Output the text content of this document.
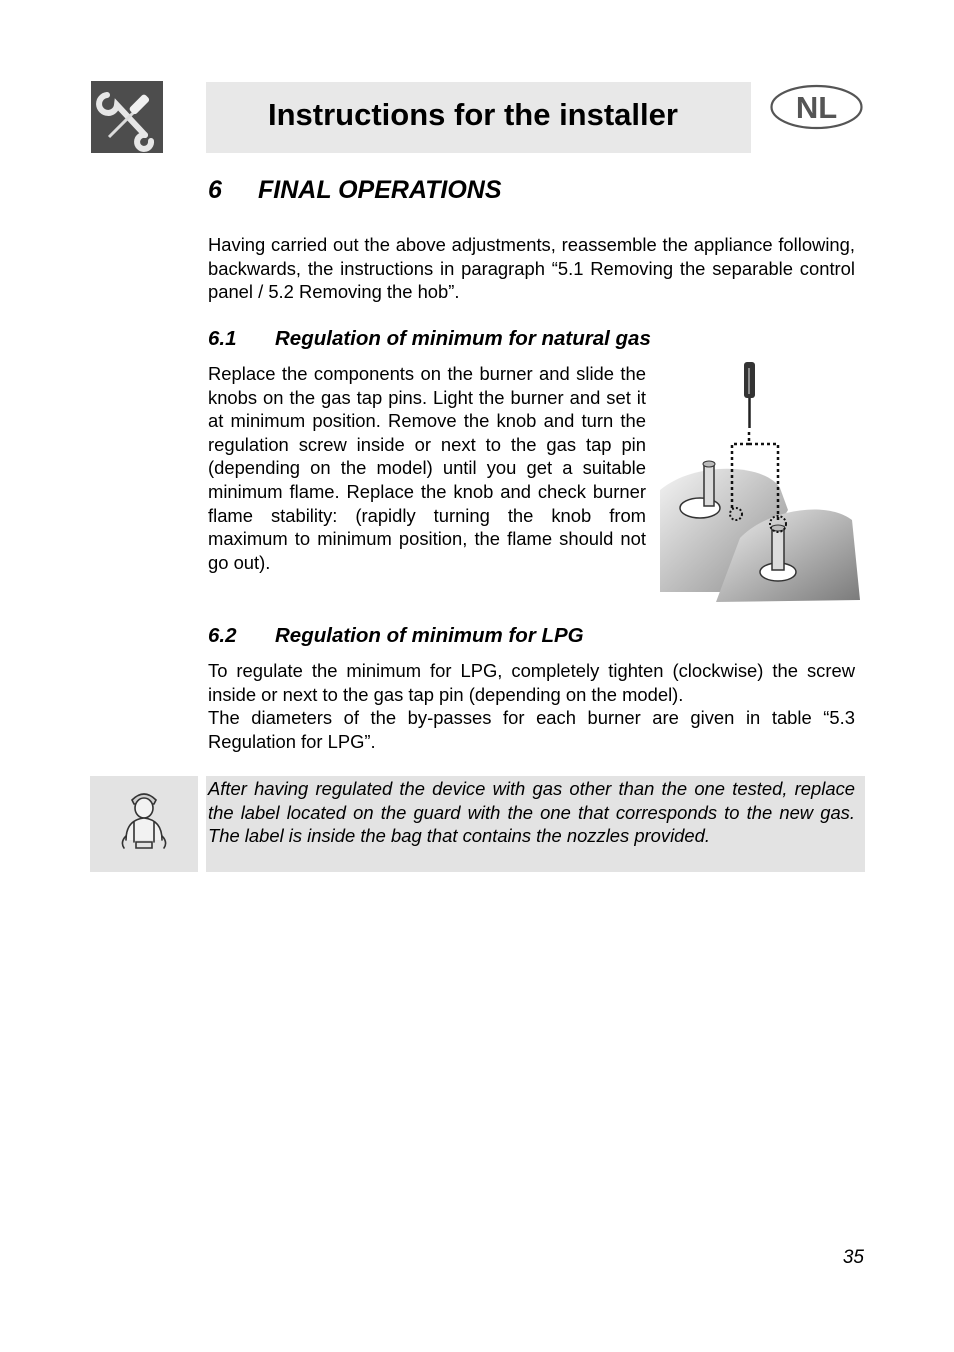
Instructions for the installer	NL
6 FINAL OPERATIONS
Having carried out the above adjustments, reassemble the appliance following, backwards, the instructions in paragraph “5.1 Removing the separable control panel / 5.2 Removing the hob”.
6.1 Regulation of minimum for natural gas
Replace the components on the burner and slide the knobs on the gas tap pins. Light the burner and set it at minimum position. Remove the knob and turn the regulation screw inside or next to the gas tap pin (depending on the model) until you get a suitable minimum flame. Replace the knob and check burner flame stability: (rapidly turning the knob from maximum to minimum position, the flame should not go out).
6.2 Regulation of minimum for LPG
To regulate the minimum for LPG, completely tighten (clockwise) the screw inside or next to the gas tap pin (depending on the model).
The diameters of the by-passes for each burner are given in table “5.3 Regulation for LPG”.
After having regulated the device with gas other than the one tested, replace the label located on the guard with the one that corresponds to the new gas. The label is inside the bag that contains the nozzles provided.
35
